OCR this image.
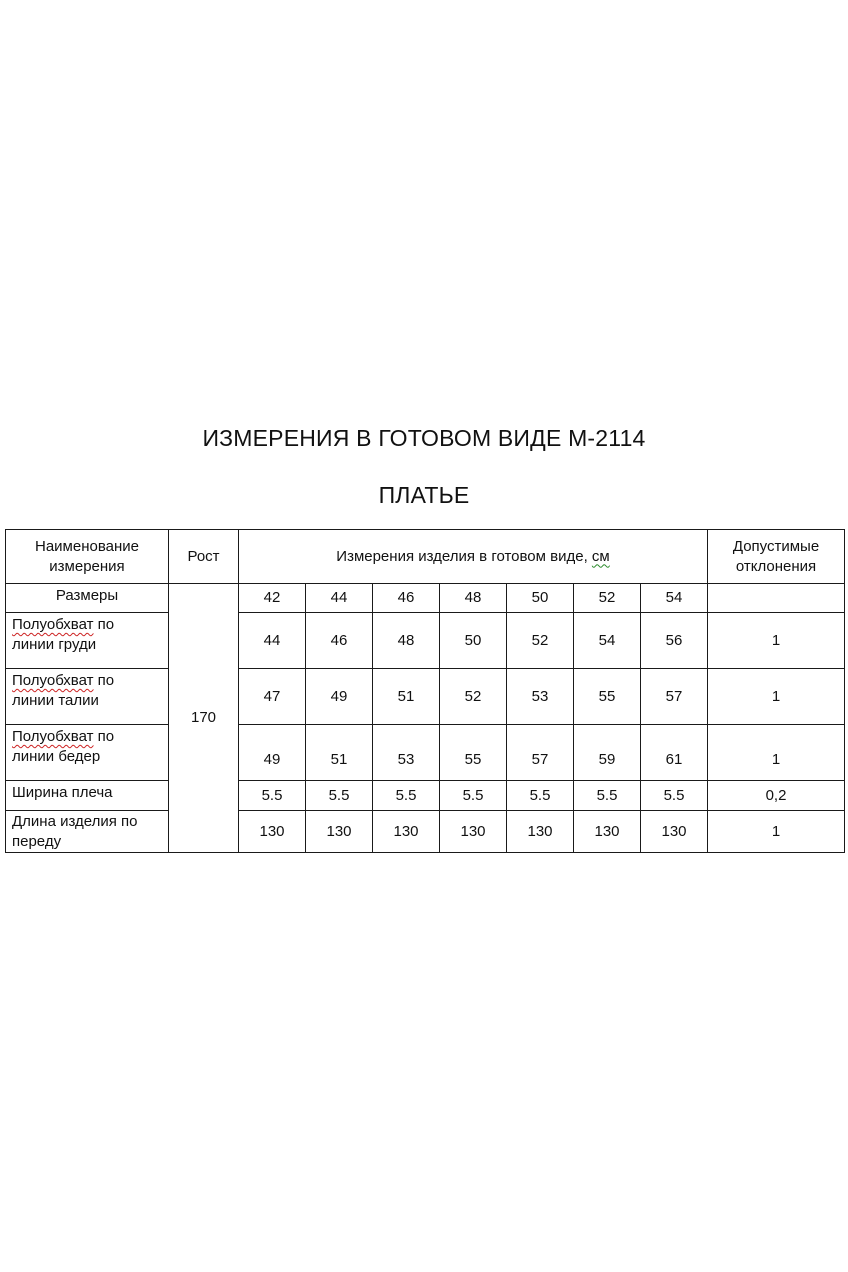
ИЗМЕРЕНИЯ В ГОТОВОМ ВИДЕ М-2114
ПЛАТЬЕ
Наименование измерения	Рост	Измерения изделия в готовом виде, см							Допустимые отклонения
Размеры	170	42	44	46	48	50	52	54	
Полуобхват по
линии груди		44	46	48	50	52	54	56	1
Полуобхват по
линии талии		47	49	51	52	53	55	57	1
Полуобхват по
линии бедер		49	51	53	55	57	59	61	1
Ширина плеча		5.5	5.5	5.5	5.5	5.5	5.5	5.5	0,2
Длина изделия по
переду		130	130	130	130	130	130	130	1
